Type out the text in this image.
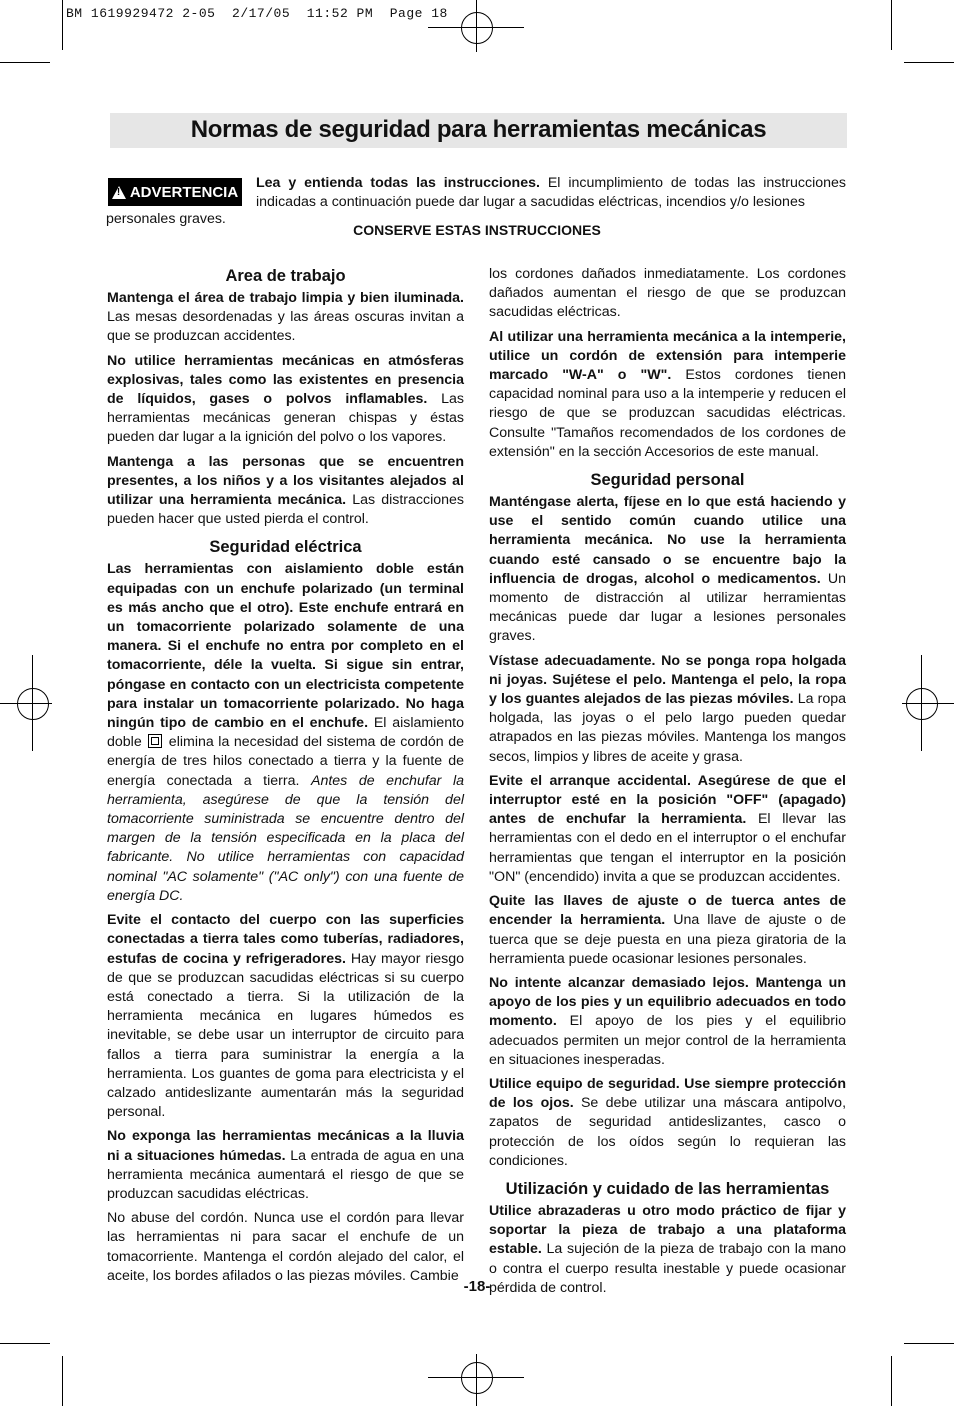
BM 1619929472 2-05  2/17/05  11:52 PM  Page 18
Normas de seguridad para herramientas mecánicas
!
ADVERTENCIA
Lea y entienda todas las instrucciones. El incumplimiento de todas las instrucciones indicadas a continuación puede dar lugar a sacudidas eléctricas, incendios y/o lesiones
personales graves.
CONSERVE ESTAS INSTRUCCIONES
Area de trabajo

Mantenga el área de trabajo limpia y bien iluminada. Las mesas desordenadas y las áreas oscuras invitan a que se produzcan accidentes.

No utilice herramientas mecánicas en atmósferas explosivas, tales como las existentes en presencia de líquidos, gases o polvos inflamables. Las herramientas mecánicas generan chispas y éstas pueden dar lugar a la ignición del polvo o los vapores.

Mantenga a las personas que se encuentren presentes, a los niños y a los visitantes alejados al utilizar una herramienta mecánica. Las distracciones pueden hacer que usted pierda el control.

Seguridad eléctrica

Las herramientas con aislamiento doble están equipadas con un enchufe polarizado (un terminal es más ancho que el otro). Este enchufe entrará en un tomacorriente polarizado solamente de una manera. Si el enchufe no entra por completo en el tomacorriente, déle la vuelta. Si sigue sin entrar, póngase en contacto con un electricista competente para instalar un tomacorriente polarizado. No haga ningún tipo de cambio en el enchufe. El aislamiento doble  elimina la necesidad del sistema de cordón de energía de tres hilos conectado a tierra y la fuente de energía conectada a tierra. Antes de enchufar la herramienta, asegúrese de que la tensión del tomacorriente suministrada se encuentre dentro del margen de la tensión especificada en la placa del fabricante. No utilice herramientas con capacidad nominal "AC solamente" ("AC only") con una fuente de energía DC.

Evite el contacto del cuerpo con las superficies conectadas a tierra tales como tuberías, radiadores, estufas de cocina y refrigeradores. Hay mayor riesgo de que se produzcan sacudidas eléctricas si su cuerpo está conectado a tierra. Si la utilización de la herramienta mecánica en lugares húmedos es inevitable, se debe usar un interruptor de circuito para fallos a tierra para suministrar la energía a la herramienta. Los guantes de goma para electricista y el calzado antideslizante aumentarán más la seguridad personal.

No exponga las herramientas mecánicas a la lluvia ni a situaciones húmedas. La entrada de agua en una herramienta mecánica aumentará el riesgo de que se produzcan sacudidas eléctricas.

No abuse del cordón. Nunca use el cordón para llevar las herramientas ni para sacar el enchufe de un tomacorriente. Mantenga el cordón alejado del calor, el aceite, los bordes afilados o las piezas móviles. Cambie

los cordones dañados inmediatamente. Los cordones dañados aumentan el riesgo de que se produzcan sacudidas eléctricas.

Al utilizar una herramienta mecánica a la intemperie, utilice un cordón de extensión para intemperie marcado "W-A" o "W". Estos cordones tienen capacidad nominal para uso a la intemperie y reducen el riesgo de que se produzcan sacudidas eléctricas. Consulte "Tamaños recomendados de los cordones de extensión" en la sección Accesorios de este manual.

Seguridad personal

Manténgase alerta, fíjese en lo que está haciendo y use el sentido común cuando utilice una herramienta mecánica. No use la herramienta cuando esté cansado o se encuentre bajo la influencia de drogas, alcohol o medicamentos. Un momento de distracción al utilizar herramientas mecánicas puede dar lugar a lesiones personales graves.

Vístase adecuadamente. No se ponga ropa holgada ni joyas. Sujétese el pelo. Mantenga el pelo, la ropa y los guantes alejados de las piezas móviles. La ropa holgada, las joyas o el pelo largo pueden quedar atrapados en las piezas móviles. Mantenga los mangos secos, limpios y libres de aceite y grasa.

Evite el arranque accidental. Asegúrese de que el interruptor esté en la posición "OFF" (apagado) antes de enchufar la herramienta. El llevar las herramientas con el dedo en el interruptor o el enchufar herramientas que tengan el interruptor en la posición "ON" (encendido) invita a que se produzcan accidentes.

Quite las llaves de ajuste o de tuerca antes de encender la herramienta. Una llave de ajuste o de tuerca que se deje puesta en una pieza giratoria de la herramienta puede ocasionar lesiones personales.

No intente alcanzar demasiado lejos. Mantenga un apoyo de los pies y un equilibrio adecuados en todo momento. El apoyo de los pies y el equilibrio adecuados permiten un mejor control de la herramienta en situaciones inesperadas.

Utilice equipo de seguridad. Use siempre protección de los ojos. Se debe utilizar una máscara antipolvo, zapatos de seguridad antideslizantes, casco o protección de los oídos según lo requieran las condiciones.

Utilización y cuidado de las herramientas

Utilice abrazaderas u otro modo práctico de fijar y soportar la pieza de trabajo a una plataforma estable. La sujeción de la pieza de trabajo con la mano o contra el cuerpo resulta inestable y puede ocasionar pérdida de control.

-18-
